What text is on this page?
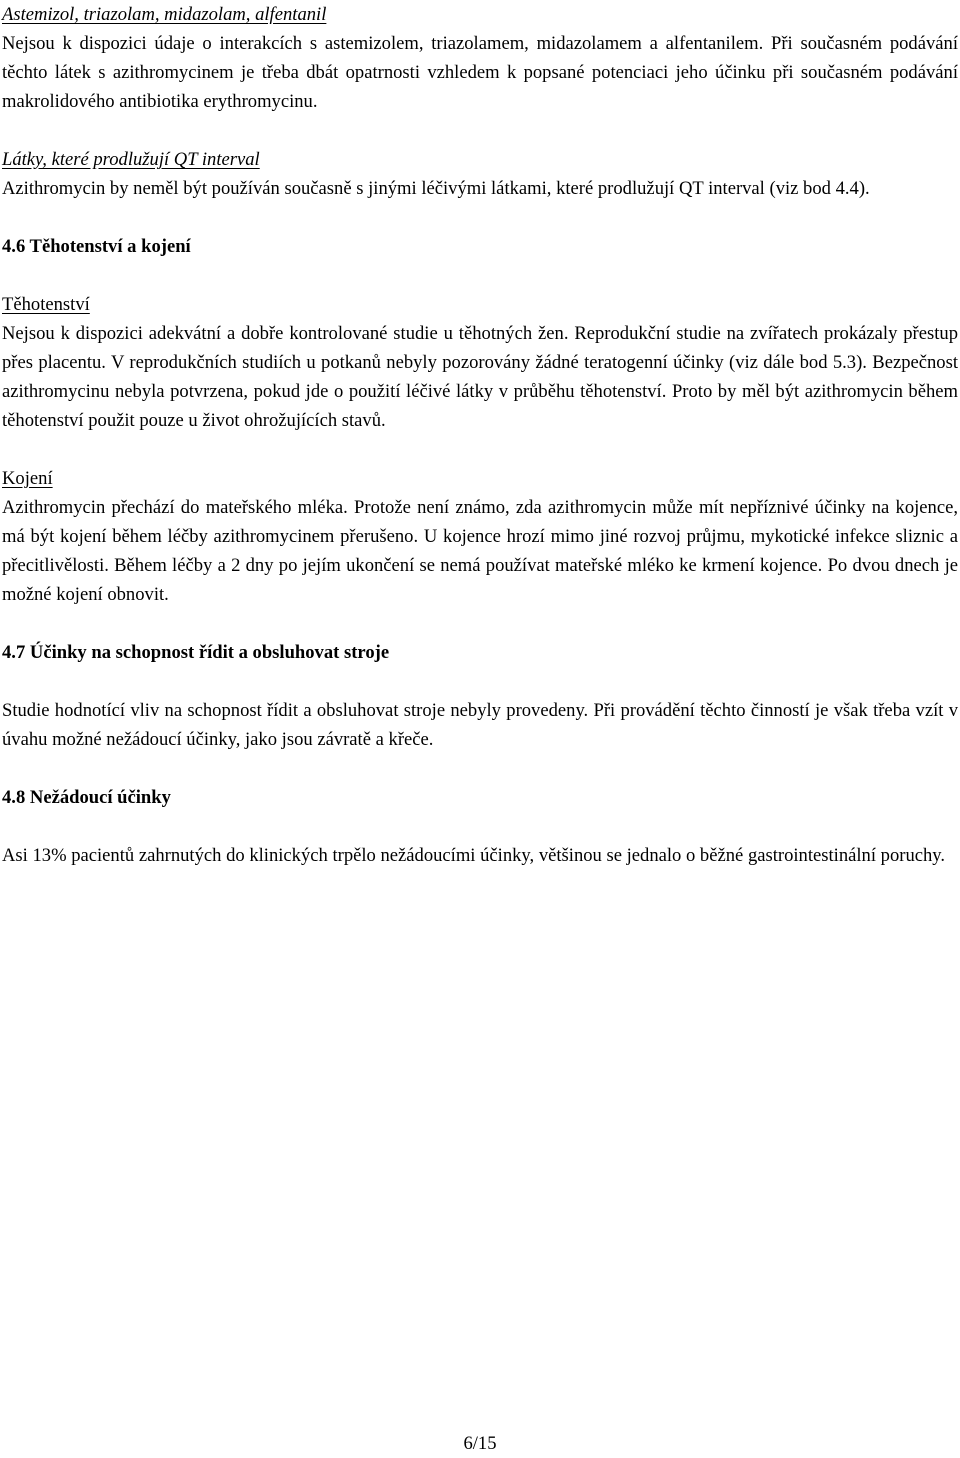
Astemizol, triazolam, midazolam, alfentanil
Nejsou k dispozici údaje o interakcích s astemizolem, triazolamem, midazolamem a alfentanilem. Při současném podávání těchto látek s azithromycinem je třeba dbát opatrnosti vzhledem k popsané potenciaci jeho účinku při současném podávání makrolidového antibiotika erythromycinu.
Látky, které prodlužují QT interval
Azithromycin by neměl být používán současně s jinými léčivými látkami, které prodlužují QT interval (viz bod 4.4).
4.6 Těhotenství a kojení
Těhotenství
Nejsou k dispozici adekvátní a dobře kontrolované studie u těhotných žen. Reprodukční studie na zvířatech prokázaly přestup přes placentu. V reprodukčních studiích u potkanů nebyly pozorovány žádné teratogenní účinky (viz dále bod 5.3). Bezpečnost azithromycinu nebyla potvrzena, pokud jde o použití léčivé látky v průběhu těhotenství. Proto by měl být azithromycin během těhotenství použit pouze u život ohrožujících stavů.
Kojení
Azithromycin přechází do mateřského mléka. Protože není známo, zda azithromycin může mít nepříznivé účinky na kojence, má být kojení během léčby azithromycinem přerušeno. U kojence hrozí mimo jiné rozvoj průjmu, mykotické infekce sliznic a přecitlivělosti. Během léčby a 2 dny po jejím ukončení se nemá používat mateřské mléko ke krmení kojence. Po dvou dnech je možné kojení obnovit.
4.7 Účinky na schopnost řídit a obsluhovat stroje
Studie hodnotící vliv na schopnost řídit a obsluhovat stroje nebyly provedeny. Při provádění těchto činností je však třeba vzít v úvahu možné nežádoucí účinky, jako jsou závratě a křeče.
4.8 Nežádoucí účinky
Asi 13% pacientů zahrnutých do klinických trpělo nežádoucími účinky, většinou se jednalo o běžné gastrointestinální poruchy.
6/15
